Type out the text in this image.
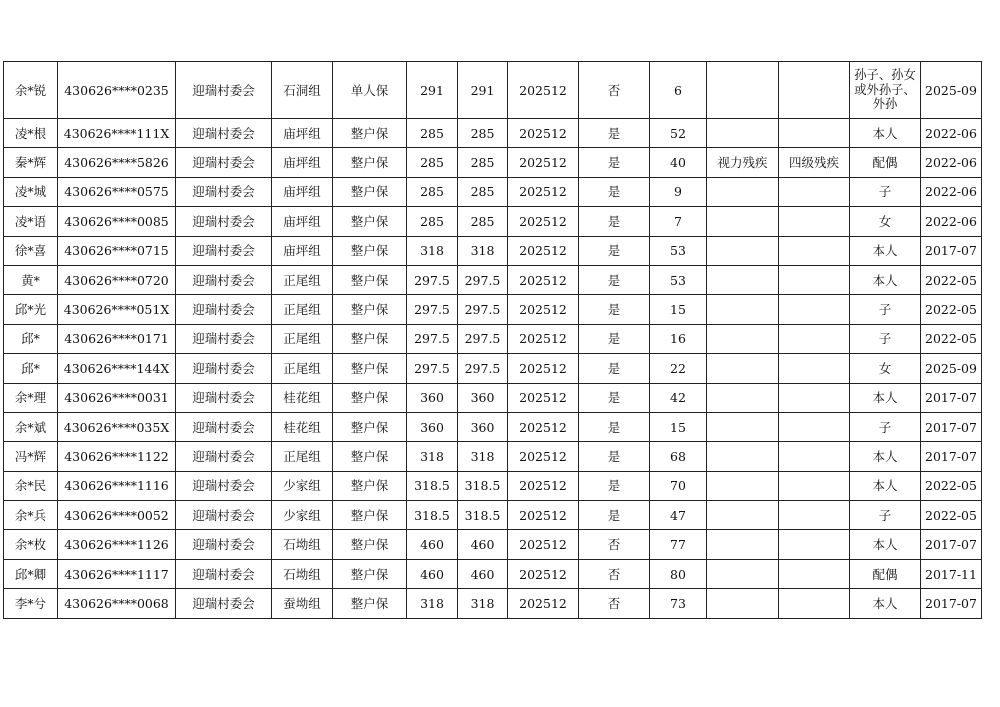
余*锐	430626****0235	迎瑞村委会	石洞组	单人保	291	291	202512	否	6			孙子、孙女或外孙子、外孙	2025-09
凌*根	430626****111X	迎瑞村委会	庙坪组	整户保	285	285	202512	是	52			本人	2022-06
秦*辉	430626****5826	迎瑞村委会	庙坪组	整户保	285	285	202512	是	40	视力残疾	四级残疾	配偶	2022-06
凌*城	430626****0575	迎瑞村委会	庙坪组	整户保	285	285	202512	是	9			子	2022-06
凌*语	430626****0085	迎瑞村委会	庙坪组	整户保	285	285	202512	是	7			女	2022-06
徐*喜	430626****0715	迎瑞村委会	庙坪组	整户保	318	318	202512	是	53			本人	2017-07
黄*	430626****0720	迎瑞村委会	正尾组	整户保	297.5	297.5	202512	是	53			本人	2022-05
邱*光	430626****051X	迎瑞村委会	正尾组	整户保	297.5	297.5	202512	是	15			子	2022-05
邱*	430626****0171	迎瑞村委会	正尾组	整户保	297.5	297.5	202512	是	16			子	2022-05
邱*	430626****144X	迎瑞村委会	正尾组	整户保	297.5	297.5	202512	是	22			女	2025-09
余*理	430626****0031	迎瑞村委会	桂花组	整户保	360	360	202512	是	42			本人	2017-07
余*斌	430626****035X	迎瑞村委会	桂花组	整户保	360	360	202512	是	15			子	2017-07
冯*辉	430626****1122	迎瑞村委会	正尾组	整户保	318	318	202512	是	68			本人	2017-07
余*民	430626****1116	迎瑞村委会	少家组	整户保	318.5	318.5	202512	是	70			本人	2022-05
余*兵	430626****0052	迎瑞村委会	少家组	整户保	318.5	318.5	202512	是	47			子	2022-05
余*枚	430626****1126	迎瑞村委会	石坳组	整户保	460	460	202512	否	77			本人	2017-07
邱*卿	430626****1117	迎瑞村委会	石坳组	整户保	460	460	202512	否	80			配偶	2017-11
李*兮	430626****0068	迎瑞村委会	蚕坳组	整户保	318	318	202512	否	73			本人	2017-07
